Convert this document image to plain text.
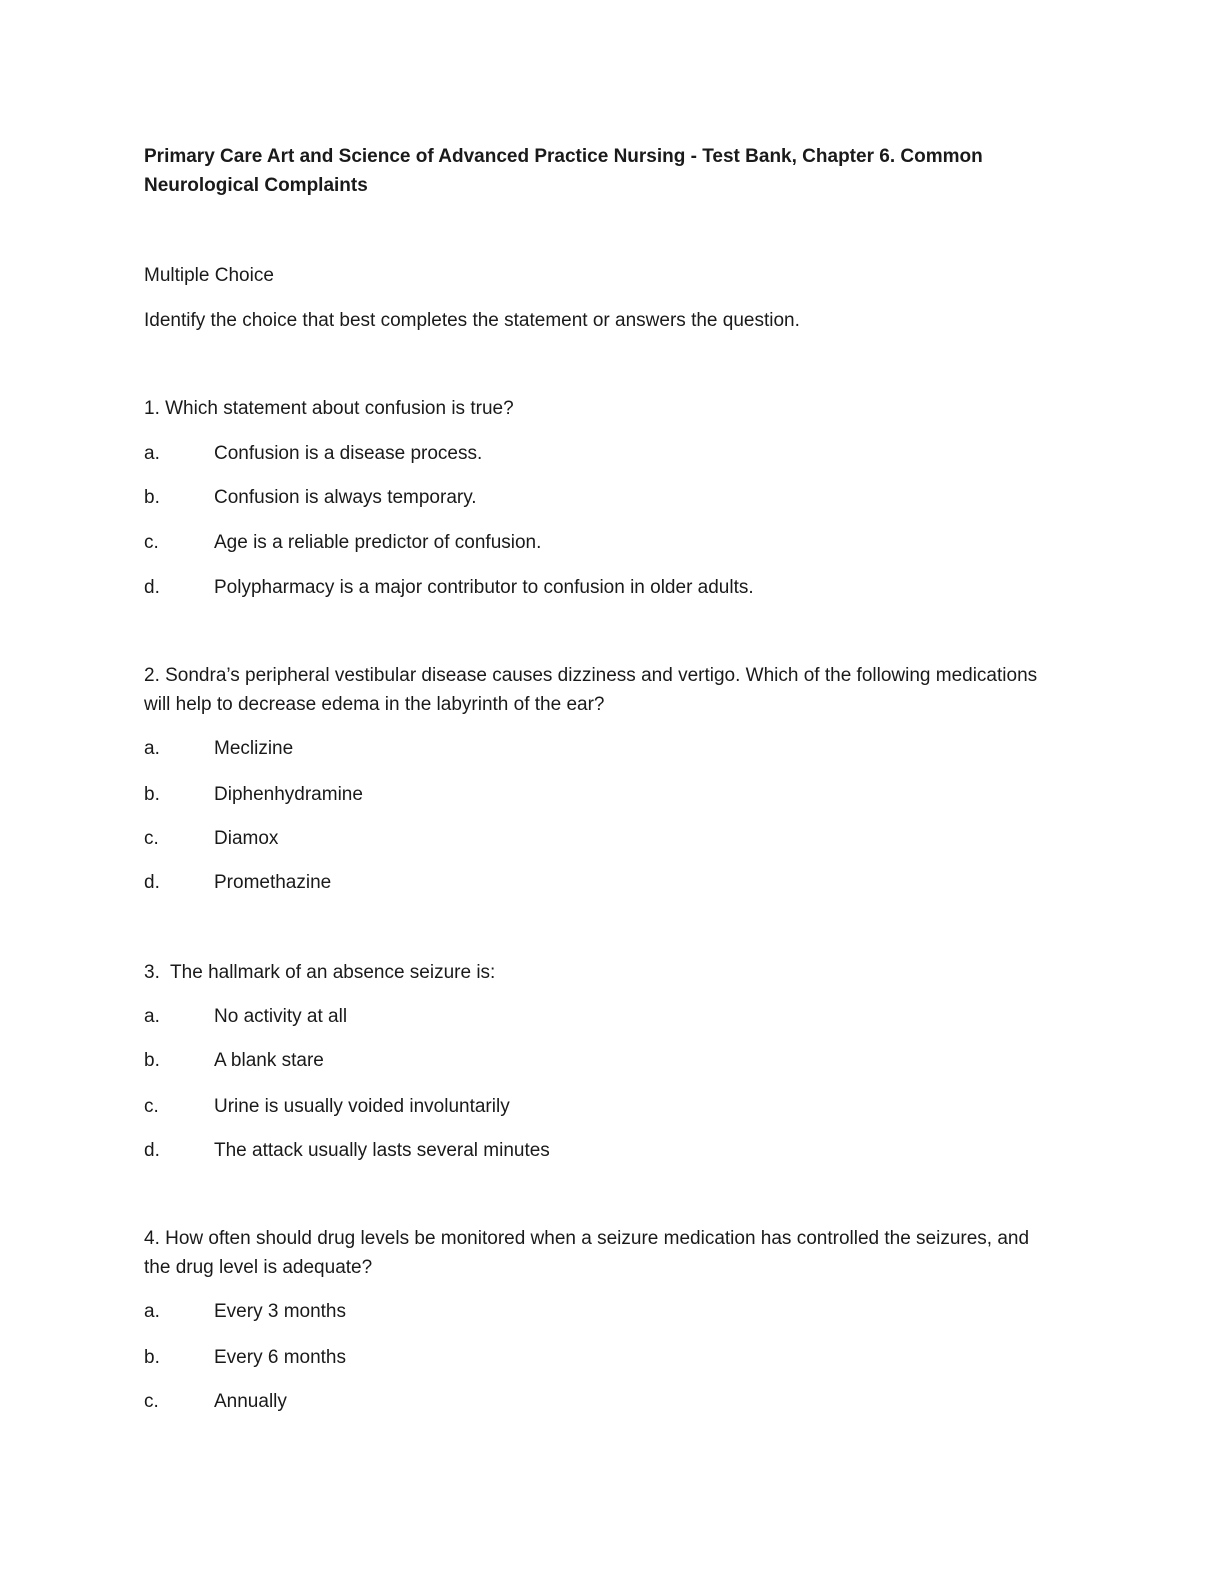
Primary Care Art and Science of Advanced Practice Nursing - Test Bank, Chapter 6. Common Neurological Complaints

Multiple Choice

Identify the choice that best completes the statement or answers the question.

1. Which statement about confusion is true?

a.	Confusion is a disease process.
b.	Confusion is always temporary.
c.	Age is a reliable predictor of confusion.
d.	Polypharmacy is a major contributor to confusion in older adults.

2. Sondra’s peripheral vestibular disease causes dizziness and vertigo. Which of the following medications will help to decrease edema in the labyrinth of the ear?

a.	Meclizine
b.	Diphenhydramine
c.	Diamox
d.	Promethazine

3.  The hallmark of an absence seizure is:

a.	No activity at all
b.	A blank stare
c.	Urine is usually voided involuntarily
d.	The attack usually lasts several minutes

4. How often should drug levels be monitored when a seizure medication has controlled the seizures, and the drug level is adequate?

a.	Every 3 months
b.	Every 6 months
c.	Annually
